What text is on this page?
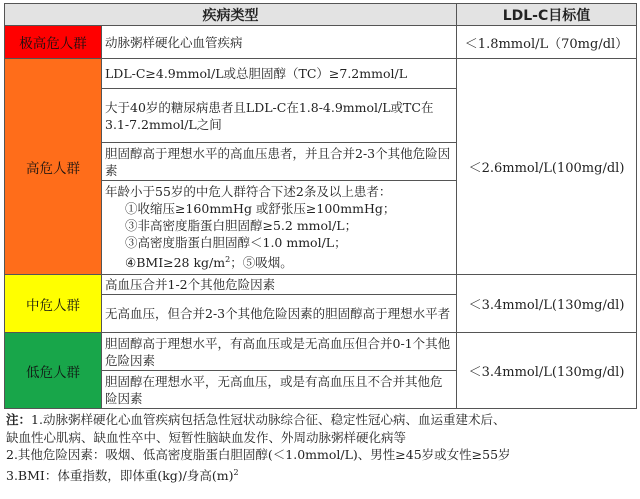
疾病类型		LDL-C目标值
极高危人群	动脉粥样硬化心血管疾病	＜1.8mmol/L（70mg/dl）
高危人群	LDL-C≥4.9mmol/L或总胆固醇（TC）≥7.2mmol/L	＜2.6mmol/L(100mg/dl)
	大于40岁的糖尿病患者且LDL-C在1.8-4.9mmol/L或TC在3.1-7.2mmol/L之间	
	胆固醇高于理想水平的高血压患者，并且合并2-3个其他危险因素	
	年龄小于55岁的中危人群符合下述2条及以上患者：
①收缩压≥160mmHg 或舒张压≥100mmHg；
③非高密度脂蛋白胆固醇≥5.2 mmol/L；
③高密度脂蛋白胆固醇＜1.0 mmol/L；
④BMI≥28 $kg/m^2$；⑤吸烟。	

中危人群	高血压合并1-2个其他危险因素	＜3.4mmol/L(130mg/dl)
	无高血压，但合并2-3个其他危险因素的胆固醇高于理想水平者	
低危人群	胆固醇高于理想水平，有高血压或是无高血压但合并0-1个其他危险因素	＜3.4mmol/L(130mg/dl)
	胆固醇在理想水平，无高血压，或是有高血压且不合并其他危险因素	
注：1.动脉粥样硬化心血管疾病包括急性冠状动脉综合征、稳定性冠心病、血运重建术后、
缺血性心肌病、缺血性卒中、短暂性脑缺血发作、外周动脉粥样硬化病等
2.其他危险因素：吸烟、低高密度脂蛋白胆固醇(＜1.0mmol/L)、男性≥45岁或女性≥55岁
3.BMI：体重指数，即体重(kg)/身高$(m)^2$
